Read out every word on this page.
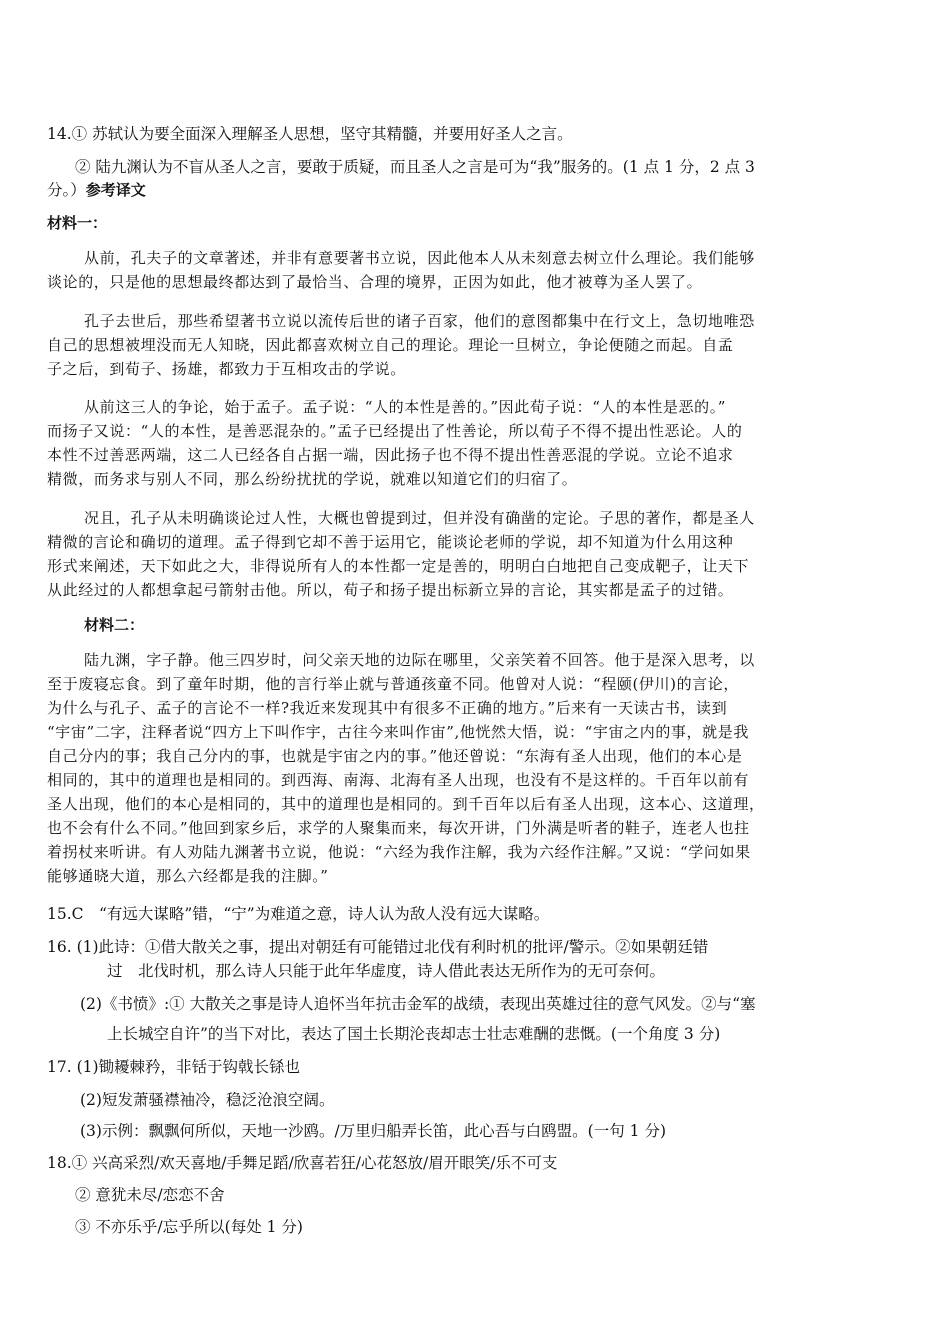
14.① 苏轼认为要全面深入理解圣人思想，坚守其精髓，并要用好圣人之言。
② 陆九渊认为不盲从圣人之言，要敢于质疑，而且圣人之言是可为“我”服务的。(1 点 1 分，2 点 3
分。）参考译文
材料一：
从前，孔夫子的文章著述，并非有意要著书立说，因此他本人从未刻意去树立什么理论。我们能够
谈论的，只是他的思想最终都达到了最恰当、合理的境界，正因为如此，他才被尊为圣人罢了。
孔子去世后，那些希望著书立说以流传后世的诸子百家，他们的意图都集中在行文上，急切地唯恐
自己的思想被埋没而无人知晓，因此都喜欢树立自己的理论。理论一旦树立，争论便随之而起。自孟
子之后，到荀子、扬雄，都致力于互相攻击的学说。
从前这三人的争论，始于孟子。孟子说：“人的本性是善的。”因此荀子说：“人的本性是恶的。”
而扬子又说：“人的本性，是善恶混杂的。”孟子已经提出了性善论，所以荀子不得不提出性恶论。人的
本性不过善恶两端，这二人已经各自占据一端，因此扬子也不得不提出性善恶混的学说。立论不追求
精微，而务求与别人不同，那么纷纷扰扰的学说，就难以知道它们的归宿了。
况且，孔子从未明确谈论过人性，大概也曾提到过，但并没有确凿的定论。子思的著作，都是圣人
精微的言论和确切的道理。孟子得到它却不善于运用它，能谈论老师的学说，却不知道为什么用这种
形式来阐述，天下如此之大，非得说所有人的本性都一定是善的，明明白白地把自己变成靶子，让天下
从此经过的人都想拿起弓箭射击他。所以，荀子和扬子提出标新立异的言论，其实都是孟子的过错。
材料二：
陆九渊，字子静。他三四岁时，问父亲天地的边际在哪里，父亲笑着不回答。他于是深入思考，以
至于废寝忘食。到了童年时期，他的言行举止就与普通孩童不同。他曾对人说：“程颐(伊川)的言论，
为什么与孔子、孟子的言论不一样?我近来发现其中有很多不正确的地方。”后来有一天读古书，读到
“宇宙”二字，注释者说“四方上下叫作宇，古往今来叫作宙”,他恍然大悟，说：“宇宙之内的事，就是我
自己分内的事；我自己分内的事，也就是宇宙之内的事。”他还曾说：“东海有圣人出现，他们的本心是
相同的，其中的道理也是相同的。到西海、南海、北海有圣人出现，也没有不是这样的。千百年以前有
圣人出现，他们的本心是相同的，其中的道理也是相同的。到千百年以后有圣人出现，这本心、这道理，
也不会有什么不同。”他回到家乡后，求学的人聚集而来，每次开讲，门外满是听者的鞋子，连老人也拄
着拐杖来听讲。有人劝陆九渊著书立说，他说：“六经为我作注解，我为六经作注解。”又说：“学问如果
能够通晓大道，那么六经都是我的注脚。”
15.C　“有远大谋略”错，“宁”为难道之意，诗人认为敌人没有远大谋略。
16. (1)此诗：①借大散关之事，提出对朝廷有可能错过北伐有利时机的批评/警示。②如果朝廷错
过　北伐时机，那么诗人只能于此年华虚度，诗人借此表达无所作为的无可奈何。
(2)《书愤》:① 大散关之事是诗人追怀当年抗击金军的战绩，表现出英雄过往的意气风发。②与“塞
上长城空自许”的当下对比，表达了国土长期沦丧却志士壮志难酬的悲慨。(一个角度 3 分)
17. (1)锄耰棘矜，非铦于钩戟长铩也
(2)短发萧骚襟袖冷，稳泛沧浪空阔。
(3)示例：飘飘何所似，天地一沙鸥。/万里归船弄长笛，此心吾与白鸥盟。(一句 1 分)
18.① 兴高采烈/欢天喜地/手舞足蹈/欣喜若狂/心花怒放/眉开眼笑/乐不可支
② 意犹未尽/恋恋不舍
③ 不亦乐乎/忘乎所以(每处 1 分)
